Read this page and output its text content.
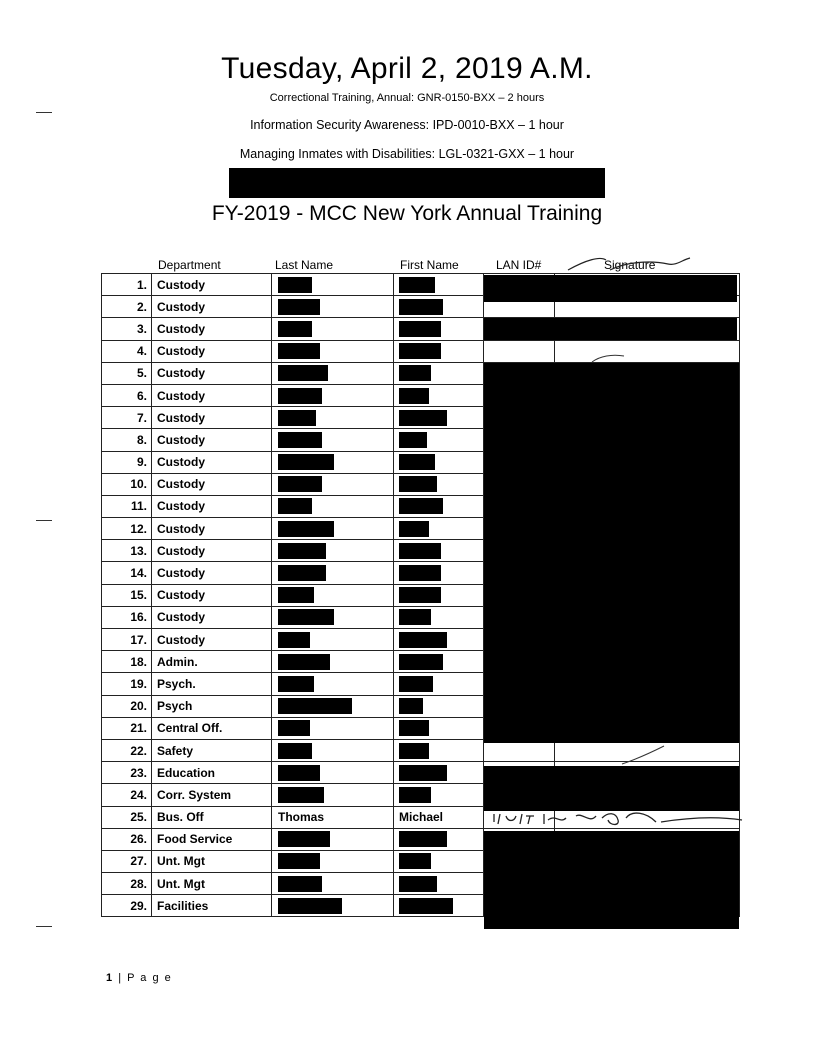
Tuesday, April 2, 2019 A.M.
Correctional Training, Annual: GNR-0150-BXX – 2 hours
Information Security Awareness: IPD-0010-BXX – 1 hour
Managing Inmates with Disabilities: LGL-0321-GXX – 1 hour
FY-2019 - MCC New York Annual Training
Department	Last Name	First Name	LAN ID#	Signature
1.	Custody				
2.	Custody				
3.	Custody				
4.	Custody				
5.	Custody				
6.	Custody				
7.	Custody				
8.	Custody				
9.	Custody				
10.	Custody				
11.	Custody				
12.	Custody				
13.	Custody				
14.	Custody				
15.	Custody				
16.	Custody				
17.	Custody				
18.	Admin.				
19.	Psych.				
20.	Psych				
21.	Central Off.				
22.	Safety				
23.	Education				
24.	Corr. System				
25.	Bus. Off	Thomas	Michael		
26.	Food Service				
27.	Unt. Mgt				
28.	Unt. Mgt				
29.	Facilities				
1 | P a g e
